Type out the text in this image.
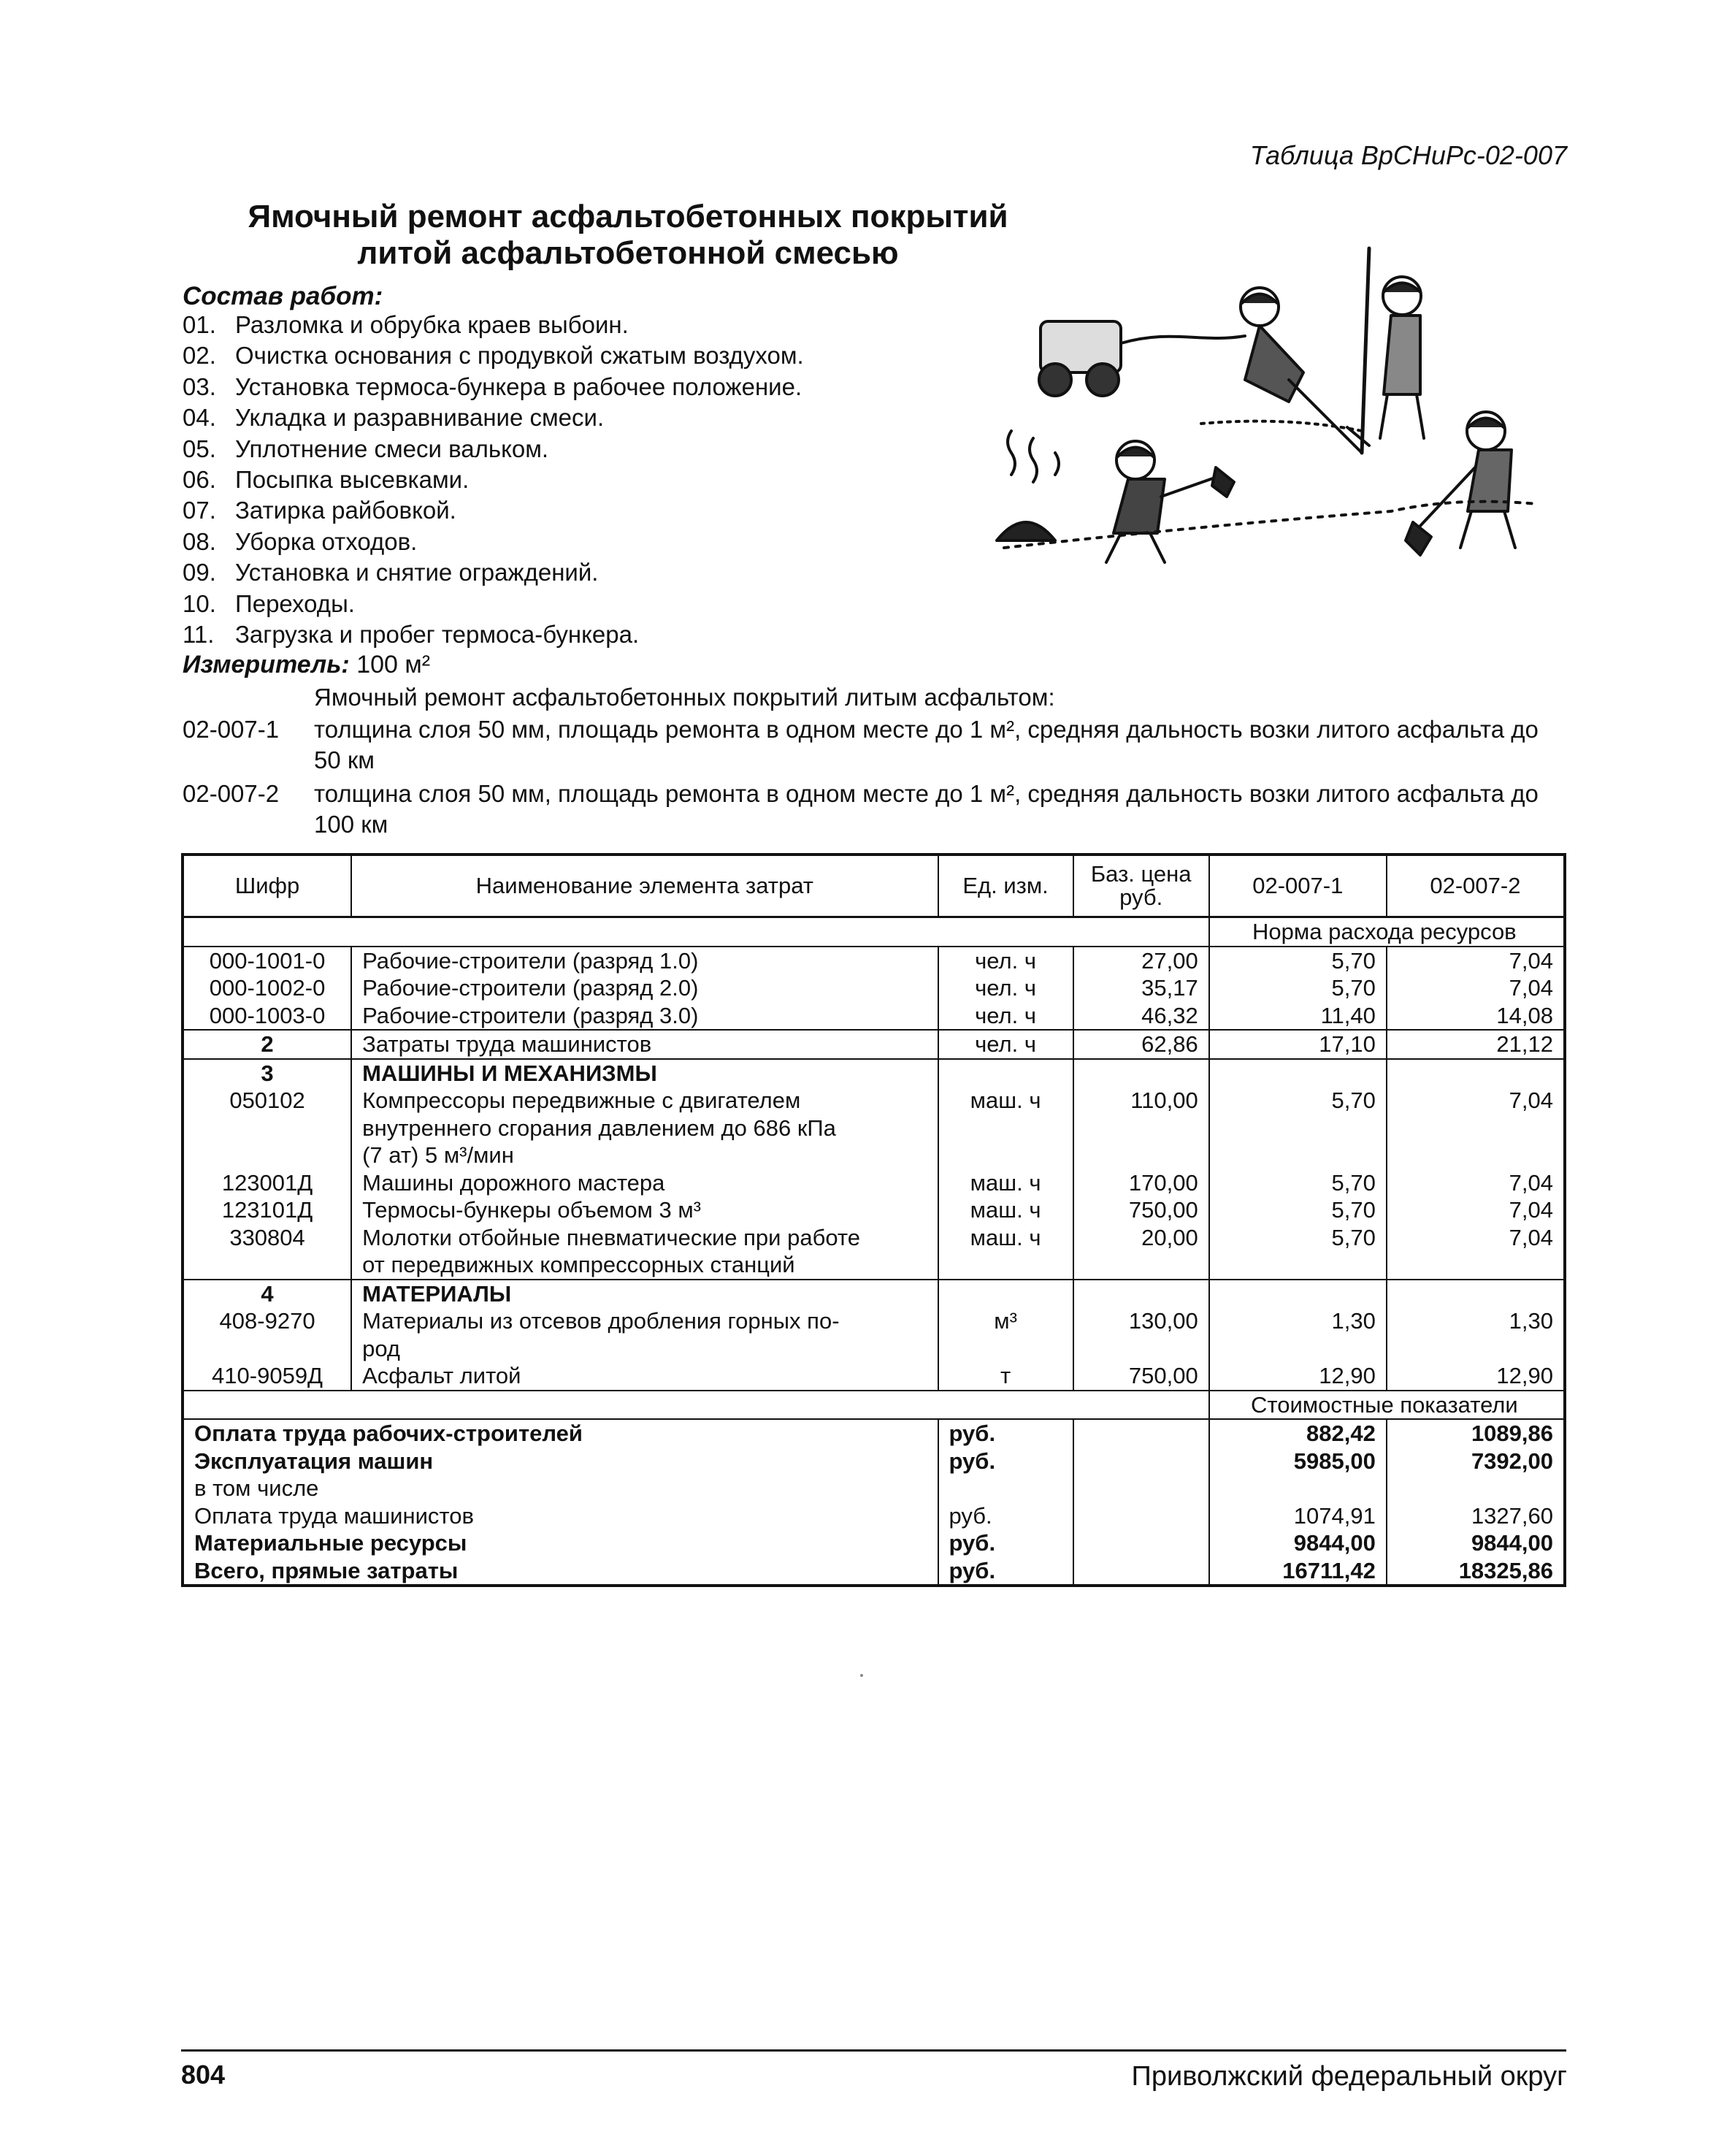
Таблица ВрСНиРс-02-007
Ямочный ремонт асфальтобетонных покрытий
литой асфальтобетонной смесью
Состав работ:
01. Разломка и обрубка краев выбоин.
02. Очистка основания с продувкой сжатым воздухом.
03. Установка термоса-бункера в рабочее положение.
04. Укладка и разравнивание смеси.
05. Уплотнение смеси вальком.
06. Посыпка высевками.
07. Затирка райбовкой.
08. Уборка отходов.
09. Установка и снятие ограждений.
10. Переходы.
11. Загрузка и пробег термоса-бункера.
Измеритель: 100 м²
Ямочный ремонт асфальтобетонных покрытий литым асфальтом:
02-007-1	толщина слоя 50 мм, площадь ремонта в одном месте до 1 м², средняя дальность возки литого асфальта до 50 км
02-007-2	толщина слоя 50 мм, площадь ремонта в одном месте до 1 м², средняя дальность возки литого асфальта до 100 км
Шифр	Наименование элемента затрат	Ед. изм.	Баз. цена руб.	02-007-1	02-007-2
				Норма расхода ресурсов	
000-1001-0	Рабочие-строители (разряд 1.0)	чел. ч	27,00	5,70	7,04
000-1002-0	Рабочие-строители (разряд 2.0)	чел. ч	35,17	5,70	7,04
000-1003-0	Рабочие-строители (разряд 3.0)	чел. ч	46,32	11,40	14,08
2	Затраты труда машинистов	чел. ч	62,86	17,10	21,12
3	МАШИНЫ И МЕХАНИЗМЫ				
050102	Компрессоры передвижные с двигателем
внутреннего сгорания давлением до 686 кПа
(7 ат) 5 м³/мин	маш. ч	110,00	5,70	7,04
123001Д	Машины дорожного мастера	маш. ч	170,00	5,70	7,04
123101Д	Термосы-бункеры объемом 3 м³	маш. ч	750,00	5,70	7,04
330804	Молотки отбойные пневматические при работе
от передвижных компрессорных станций	маш. ч	20,00	5,70	7,04
4	МАТЕРИАЛЫ				
408-9270	Материалы из отсевов дробления горных по-
род	м³	130,00	1,30	1,30
410-9059Д	Асфальт литой	т	750,00	12,90	12,90
				Стоимостные показатели	
Оплата труда рабочих-строителей		руб.		882,42	1089,86
Эксплуатация машин		руб.		5985,00	7392,00
в том числе					
Оплата труда машинистов		руб.		1074,91	1327,60
Материальные ресурсы		руб.		9844,00	9844,00
Всего, прямые затраты		руб.		16711,42	18325,86
804	Приволжский федеральный округ
